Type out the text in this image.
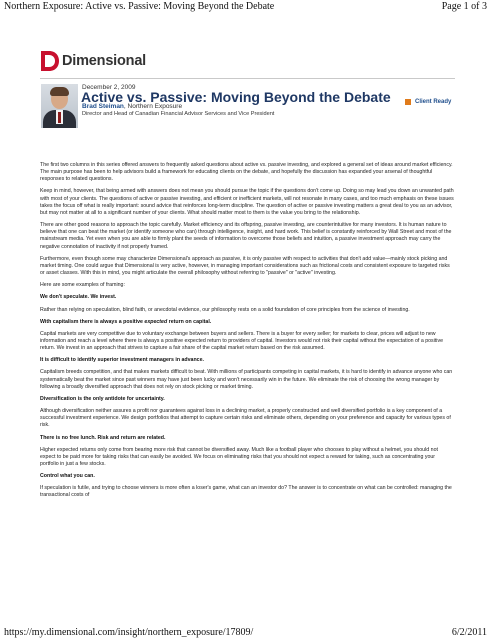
Northern Exposure: Active vs. Passive: Moving Beyond the Debate	Page 1 of 3
Dimensional
December 2, 2009
Active vs. Passive: Moving Beyond the Debate
Brad Steiman, Northern Exposure
Director and Head of Canadian Financial Advisor Services and Vice President
Client Ready

The first two columns in this series offered answers to frequently asked questions about active vs. passive investing, and explored a general set of ideas around market efficiency. The main purpose has been to help advisors build a framework for educating clients on the debate, and hopefully the discussion has expanded your arsenal of thoughtful responses to related questions.

Keep in mind, however, that being armed with answers does not mean you should pursue the topic if the questions don't come up. Doing so may lead you down an unwanted path with most of your clients. The questions of active or passive investing, and efficient or inefficient markets, will not resonate in many cases, and too much emphasis on these issues takes the focus off what is really important: sound advice that reinforces long-term discipline. The question of active or passive investing matters a great deal to you as an advisor, but may not matter at all to a significant number of your clients. What should matter most to them is the value you bring to the relationship.

There are other good reasons to approach the topic carefully. Market efficiency and its offspring, passive investing, are counterintuitive for many investors. It is human nature to believe that one can beat the market (or identify someone who can) through intelligence, insight, and hard work. This belief is constantly reinforced by Wall Street and most of the mainstream media. Yet even when you are able to firmly plant the seeds of information to overcome those beliefs and intuition, a passive investment approach may carry the negative connotation of inactivity if not properly framed.

Furthermore, even though some may characterize Dimensional's approach as passive, it is only passive with respect to activities that don't add value—mainly stock picking and market timing. One could argue that Dimensional is very active, however, in managing important considerations such as frictional costs and consistent exposure to targeted risks or asset classes. With this in mind, you might articulate the overall philosophy without referring to "passive" or "active" investing.

Here are some examples of framing:

We don't speculate. We invest.

Rather than relying on speculation, blind faith, or anecdotal evidence, our philosophy rests on a solid foundation of core principles from the science of investing.

With capitalism there is always a positive expected return on capital.

Capital markets are very competitive due to voluntary exchange between buyers and sellers. There is a buyer for every seller; for markets to clear, prices will adjust to new information and reach a level where there is always a positive expected return to providers of capital. Investors would not risk their capital without the expectation of a positive return. We invest in an approach that strives to capture a fair share of the capital market return based on the risk assumed.

It is difficult to identify superior investment managers in advance.

Capitalism breeds competition, and that makes markets difficult to beat. With millions of participants competing in capital markets, it is hard to identify in advance anyone who can systematically beat the market since past winners may have just been lucky and won't necessarily win in the future. We eliminate the risk of choosing the wrong manager by following a broadly diversified approach that does not rely on stock picking or market timing.

Diversification is the only antidote for uncertainty.

Although diversification neither assures a profit nor guarantees against loss in a declining market, a properly constructed and well diversified portfolio is a key component of a successful investment experience. We design portfolios that attempt to capture certain risks and eliminate others, depending on your preference and capacity for various types of risk.

There is no free lunch. Risk and return are related.

Higher expected returns only come from bearing more risk that cannot be diversified away. Much like a football player who chooses to play without a helmet, you should not expect to be paid more for taking risks that can easily be avoided. We focus on eliminating risks that you should not expect a reward for taking, such as concentrating your portfolio in just a few stocks.

Control what you can.

If speculation is futile, and trying to choose winners is more often a loser's game, what can an investor do? The answer is to concentrate on what can be controlled: managing the transactional costs of

https://my.dimensional.com/insight/northern_exposure/17809/	6/2/2011
